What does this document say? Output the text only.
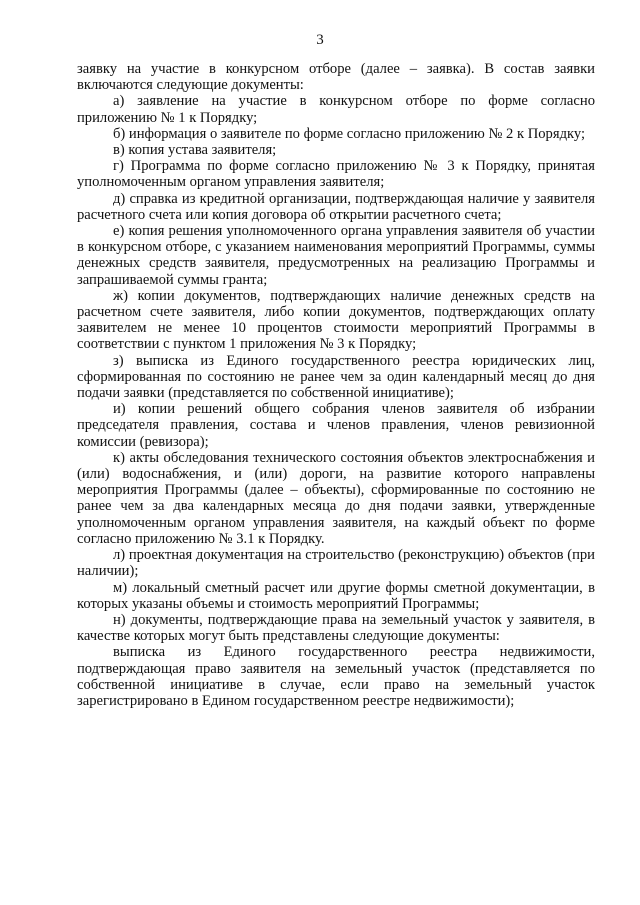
3

заявку на участие в конкурсном отборе (далее – заявка). В состав заявки включаются следующие документы:

а) заявление на участие в конкурсном отборе по форме согласно приложению № 1 к Порядку;

б) информация о заявителе по форме согласно приложению № 2 к Порядку;

в) копия устава заявителя;

г) Программа по форме согласно приложению № 3 к Порядку, принятая уполномоченным органом управления заявителя;

д) справка из кредитной организации, подтверждающая наличие у заявителя расчетного счета или копия договора об открытии расчетного счета;

е) копия решения уполномоченного органа управления заявителя об участии в конкурсном отборе, с указанием наименования мероприятий Программы, суммы денежных средств заявителя, предусмотренных на реализацию Программы и запрашиваемой суммы гранта;

ж) копии документов, подтверждающих наличие денежных средств на расчетном счете заявителя, либо копии документов, подтверждающих оплату заявителем не менее 10 процентов стоимости мероприятий Программы в соответствии с пунктом 1 приложения № 3 к Порядку;

з) выписка из Единого государственного реестра юридических лиц, сформированная по состоянию не ранее чем за один календарный месяц до дня подачи заявки (представляется по собственной инициативе);

и) копии решений общего собрания членов заявителя об избрании председателя правления, состава и членов правления, членов ревизионной комиссии (ревизора);

к) акты обследования технического состояния объектов электроснабжения и (или) водоснабжения, и (или) дороги, на развитие которого направлены мероприятия Программы (далее – объекты), сформированные по состоянию не ранее чем за два календарных месяца до дня подачи заявки, утвержденные уполномоченным органом управления заявителя, на каждый объект по форме согласно приложению № 3.1 к Порядку.

л) проектная документация на строительство (реконструкцию) объектов (при наличии);

м) локальный сметный расчет или другие формы сметной документации, в которых указаны объемы и стоимость мероприятий Программы;

н) документы, подтверждающие права на земельный участок у заявителя, в качестве которых могут быть представлены следующие документы:

выписка из Единого государственного реестра недвижимости, подтверждающая право заявителя на земельный участок (представляется по собственной инициативе в случае, если право на земельный участок зарегистрировано в Едином государственном реестре недвижимости);
